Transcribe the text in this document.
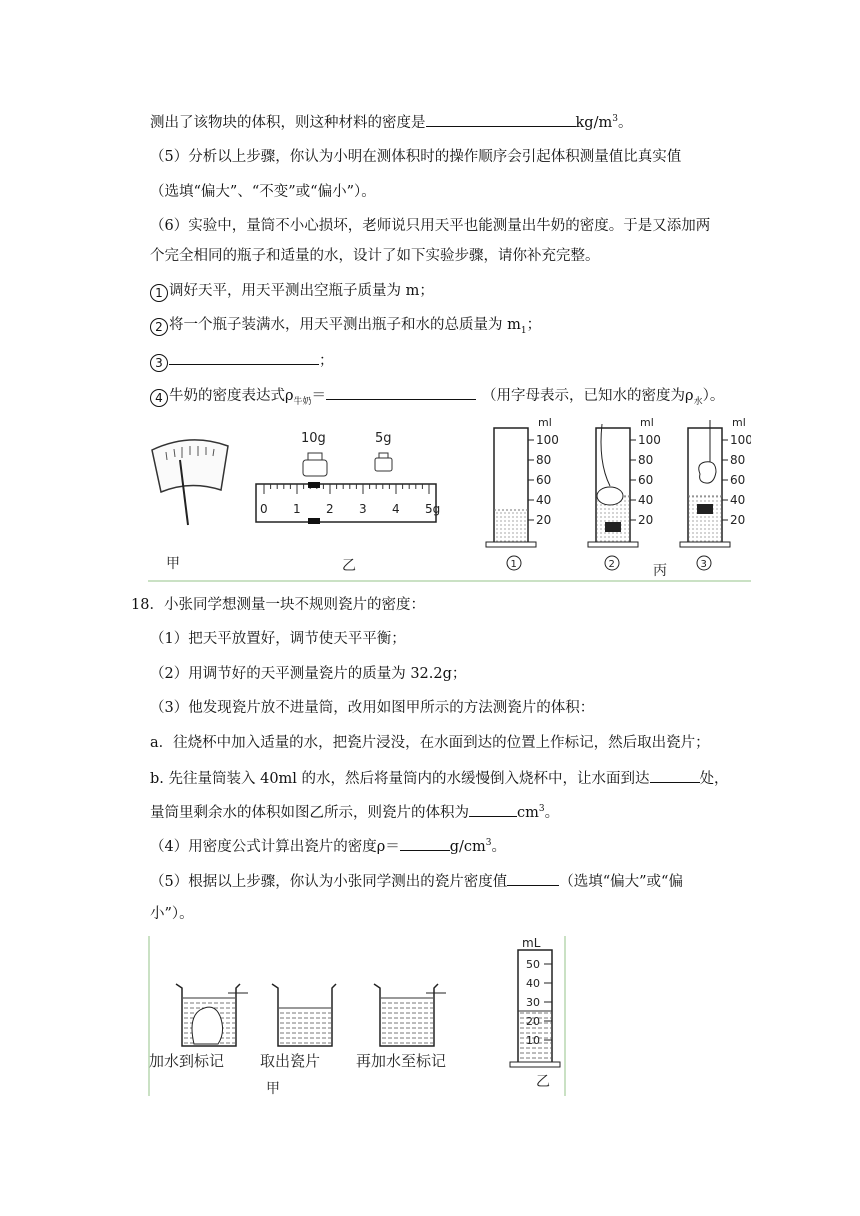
测出了该物块的体积，则这种材料的密度是	$kg/m^3$。
（5）分析以上步骤，你认为小明在测体积时的操作顺序会引起体积测量值比真实值
（选填“偏大”、“不变”或“偏小”）。
（6）实验中，量筒不小心损坏，老师说只用天平也能测量出牛奶的密度。于是又添加两
个完全相同的瓶子和适量的水，设计了如下实验步骤，请你补充完整。
1 调好天平，用天平测出空瓶子质量为 m；
2 将一个瓶子装满水，用天平测出瓶子和水的总质量为 $m_1$；
3	；
4 牛奶的密度表达式$\rho_{牛奶}=$	（用字母表示，已知水的密度为$\rho_水$）。
甲
10g	5g
0 1 2 3 4 5g
乙
100
80
60
40
20
ml
1
100
80
60
40
20
ml
2
100
80
60
40
20
ml
3
丙
18．小张同学想测量一块不规则瓷片的密度：
（1）把天平放置好，调节使天平平衡；
（2）用调节好的天平测量瓷片的质量为 32.2g；
（3）他发现瓷片放不进量筒，改用如图甲所示的方法测瓷片的体积：
a．往烧杯中加入适量的水，把瓷片浸没，在水面到达的位置上作标记，然后取出瓷片；
b. 先往量筒装入 40ml 的水，然后将量筒内的水缓慢倒入烧杯中，让水面到达	处，
量筒里剩余水的体积如图乙所示，则瓷片的体积为	$cm^3$。
（4）用密度公式计算出瓷片的密度ρ＝	$g/cm^3$。
（5）根据以上步骤，你认为小张同学测出的瓷片密度值	（选填“偏大”或“偏
小”）。
加水到标记 取出瓷片 再加水至标记
甲
mL
50
40
30
20
10
乙
